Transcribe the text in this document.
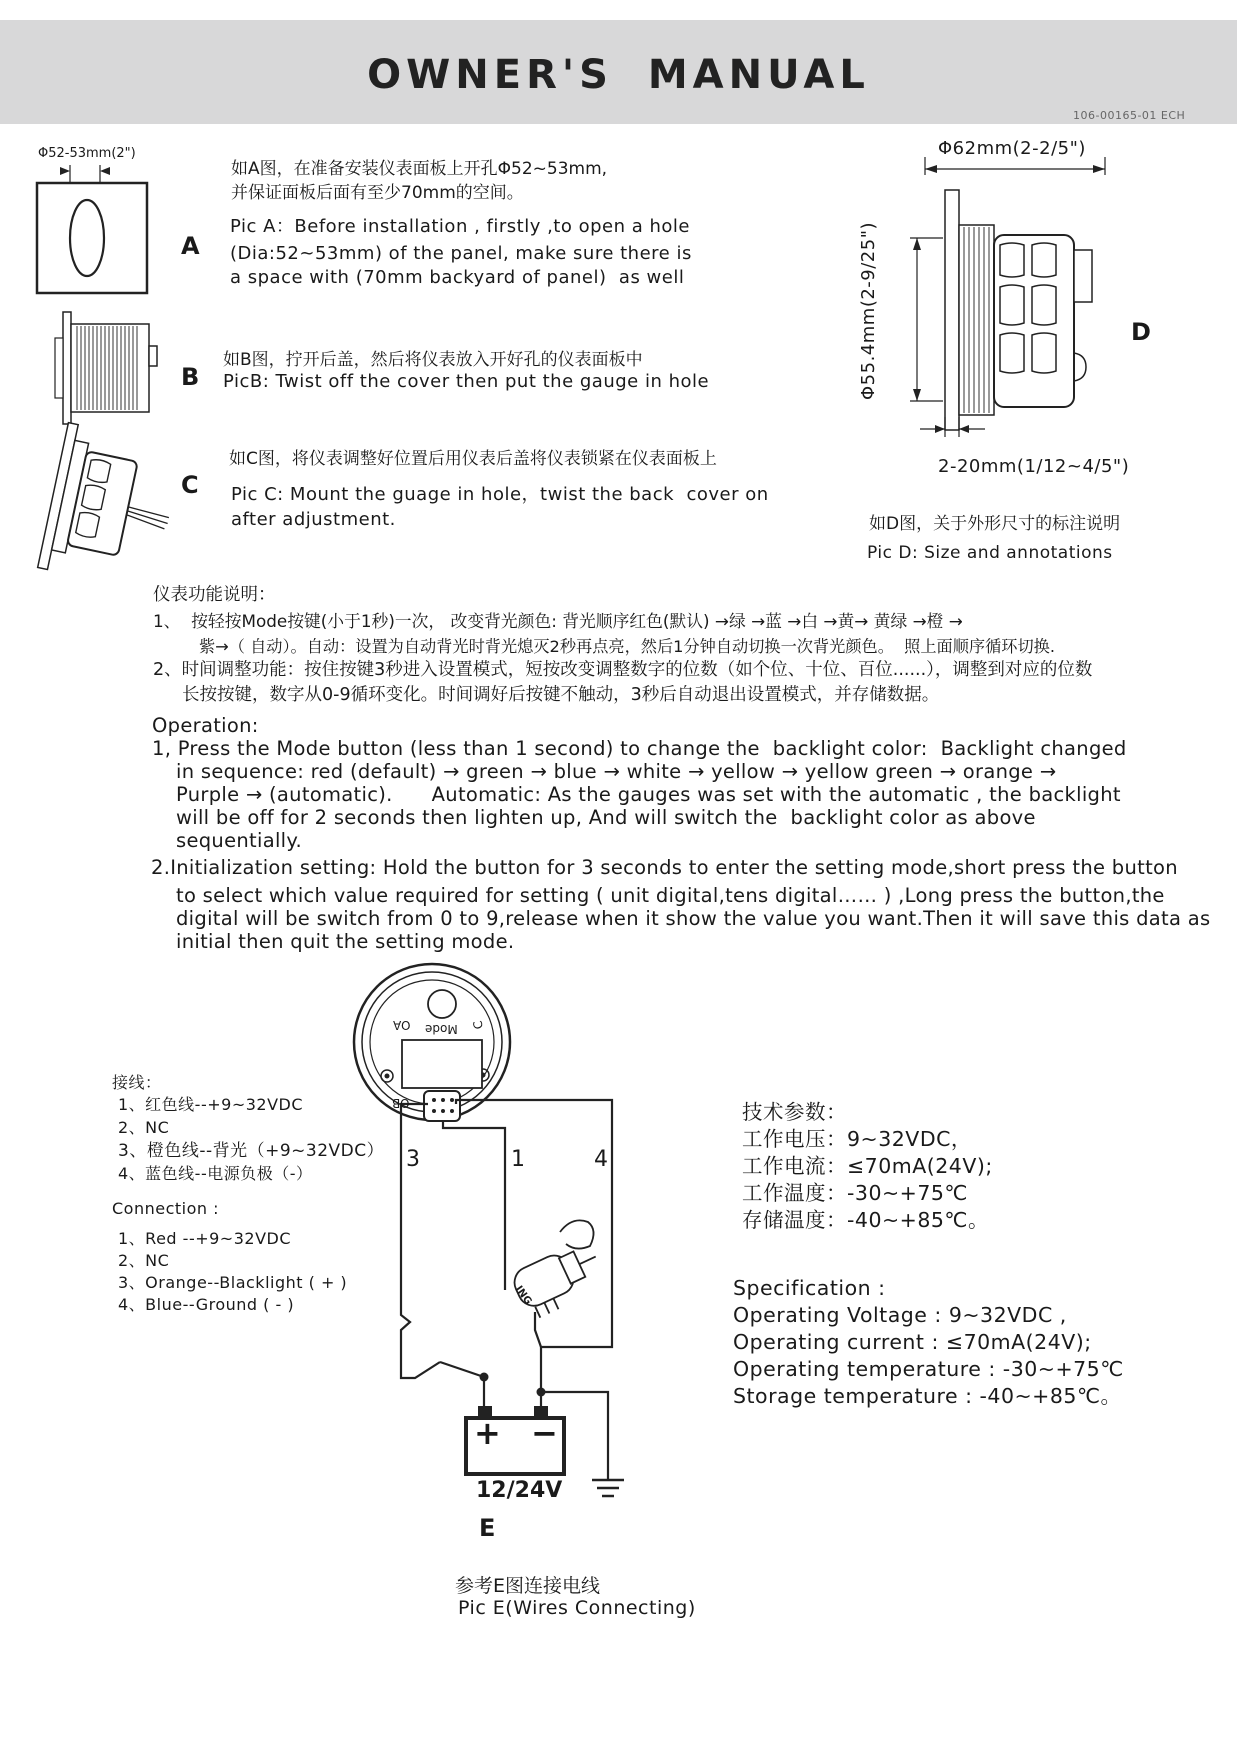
OWNER'S MANUAL
106-00165-01 ECH
Φ52-53mm(2")
A
如A图，在准备安装仪表面板上开孔Φ52~53mm,
并保证面板后面有至少70mm的空间。
Pic A：Before installation , firstly ,to open a hole
(Dia:52~53mm) of the panel, make sure there is
a space with (70mm backyard of panel)  as well
B
如B图，拧开后盖，然后将仪表放入开好孔的仪表面板中
PicB: Twist off the cover then put the gauge in hole
C
如C图，将仪表调整好位置后用仪表后盖将仪表锁紧在仪表面板上
Pic C: Mount the guage in hole，twist the back  cover on
after adjustment.
Φ62mm(2-2/5")
Φ55.4mm(2-9/25")	D
2-20mm(1/12~4/5")
如D图，关于外形尺寸的标注说明
Pic D: Size and annotations
仪表功能说明：
1、  按轻按Mode按键(小于1秒)一次， 改变背光颜色: 背光顺序红色(默认) →绿 →蓝 →白 →黄→ 黄绿 →橙 →
紫→（ 自动）。自动：设置为自动背光时背光熄灭2秒再点亮，然后1分钟自动切换一次背光颜色。  照上面顺序循环切换.
2、时间调整功能：按住按键3秒进入设置模式，短按改变调整数字的位数（如个位、十位、百位......），调整到对应的位数
长按按键，数字从0-9循环变化。时间调好后按键不触动，3秒后自动退出设置模式，并存储数据。
Operation:
1, Press the Mode button (less than 1 second) to change the  backlight color:  Backlight changed
in sequence: red (default) → green → blue → white → yellow → yellow green → orange →
Purple → (automatic).      Automatic: As the gauges was set with the automatic , the backlight
will be off for 2 seconds then lighten up, And will switch the  backlight color as above
sequentially.
2.Initialization setting: Hold the button for 3 seconds to enter the setting mode,short press the button
to select which value required for setting ( unit digital,tens digital…… ) ,Long press the button,the
digital will be switch from 0 to 9,release when it show the value you want.Then it will save this data as
initial then quit the setting mode.
接线：
1、红色线--+9~32VDC
2、NC
3、橙色线--背光（+9~32VDC）
4、蓝色线--电源负极（-）
Connection :
1、Red --+9~32VDC
2、NC
3、Orange--Blacklight ( + )
4、Blue--Ground ( - )
Mode
A O	C
B O
3	1	4
ING
+ −
12/24V
E
参考E图连接电线
Pic E(Wires Connecting)
技术参数：
工作电压：9~32VDC，
工作电流：≤70mA(24V);
工作温度：-30~+75℃
存储温度：-40~+85℃。
Specification :
Operating Voltage : 9~32VDC ,
Operating current : ≤70mA(24V);
Operating temperature : -30~+75℃
Storage temperature : -40~+85℃。
